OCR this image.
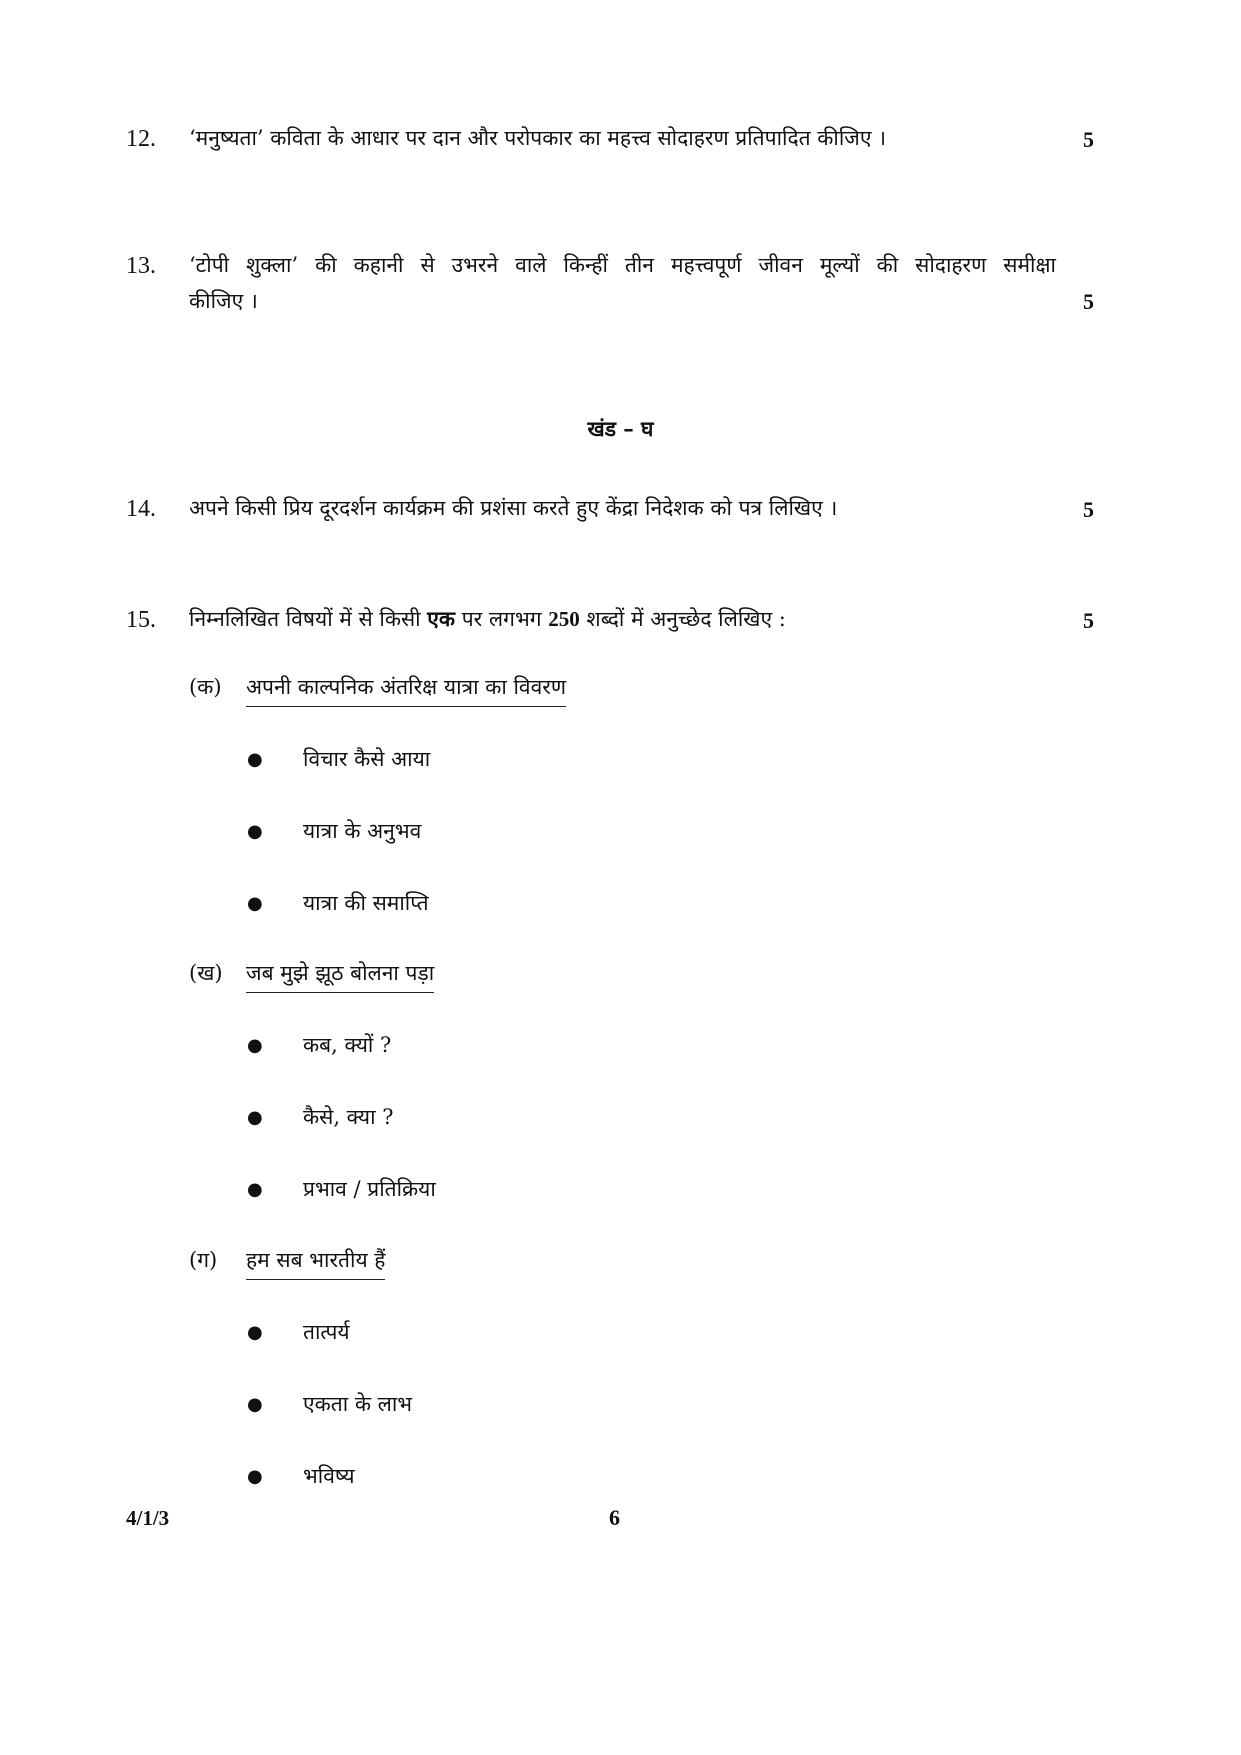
12. ‘मनुष्यता’ कविता के आधार पर दान और परोपकार का महत्त्व सोदाहरण प्रतिपादित कीजिए ।	5
13. ‘टोपी शुक्ला’ की कहानी से उभरने वाले किन्हीं तीन महत्त्वपूर्ण जीवन मूल्यों की सोदाहरण समीक्षा
कीजिए ।	5
खंड – घ
14. अपने किसी प्रिय दूरदर्शन कार्यक्रम की प्रशंसा करते हुए केंद्रा निदेशक को पत्र लिखिए ।	5
15. निम्नलिखित विषयों में से किसी एक पर लगभग 250 शब्दों में अनुच्छेद लिखिए :	5
(क) अपनी काल्पनिक अंतरिक्ष यात्रा का विवरण
● विचार कैसे आया
● यात्रा के अनुभव
● यात्रा की समाप्ति
(ख) जब मुझे झूठ बोलना पड़ा
● कब, क्यों ?
● कैसे, क्या ?
● प्रभाव / प्रतिक्रिया
(ग) हम सब भारतीय हैं
● तात्पर्य
● एकता के लाभ
● भविष्य
4/1/3	6
